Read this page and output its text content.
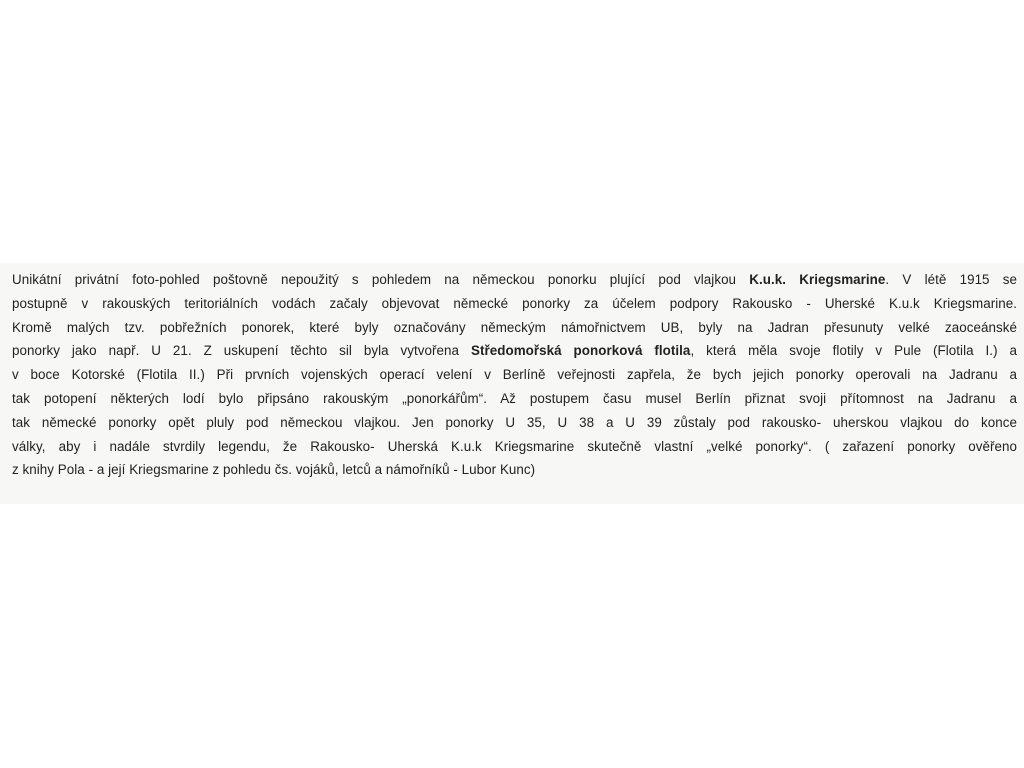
Unikátní privátní foto-pohled poštovně nepoužitý s pohledem na německou ponorku plující pod vlajkou K.u.k. Kriegsmarine. V létě 1915 se
postupně v rakouských teritoriálních vodách začaly objevovat německé ponorky za účelem podpory Rakousko - Uherské K.u.k Kriegsmarine.
Kromě malých tzv. pobřežních ponorek, které byly označovány německým námořnictvem UB, byly na Jadran přesunuty velké zaoceánské
ponorky jako např. U 21. Z uskupení těchto sil byla vytvořena Středomořská ponorková flotila, která měla svoje flotily v Pule (Flotila I.) a
v boce Kotorské (Flotila II.) Při prvních vojenských operací velení v Berlíně veřejnosti zapřela, že bych jejich ponorky operovali na Jadranu a
tak potopení některých lodí bylo připsáno rakouským „ponorkářům“. Až postupem času musel Berlín přiznat svoji přítomnost na Jadranu a
tak německé ponorky opět pluly pod německou vlajkou. Jen ponorky U 35, U 38 a U 39 zůstaly pod rakousko- uherskou vlajkou do konce
války, aby i nadále stvrdily legendu, že Rakousko- Uherská K.u.k Kriegsmarine skutečně vlastní „velké ponorky“. ( zařazení ponorky ověřeno
z knihy Pola - a její Kriegsmarine z pohledu čs. vojáků, letců a námořníků - Lubor Kunc)
